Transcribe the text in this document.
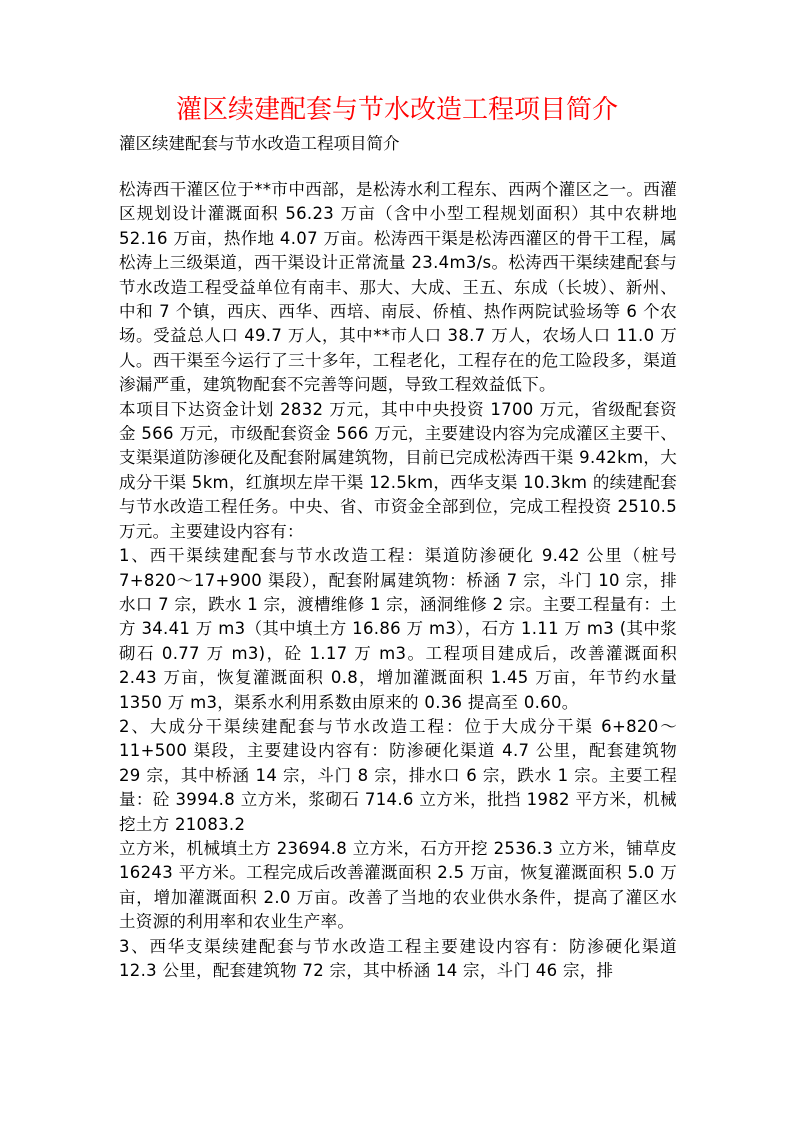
灌区续建配套与节水改造工程项目简介
灌区续建配套与节水改造工程项目简介

松涛西干灌区位于**市中西部，是松涛水利工程东、西两个灌区之一。西灌区规划设计灌溉面积 56.23 万亩（含中小型工程规划面积）其中农耕地 52.16 万亩，热作地 4.07 万亩。松涛西干渠是松涛西灌区的骨干工程，属松涛上三级渠道，西干渠设计正常流量 23.4m3/s。松涛西干渠续建配套与节水改造工程受益单位有南丰、那大、大成、王五、东成（长坡）、新州、中和 7 个镇，西庆、西华、西培、南辰、侨植、热作两院试验场等 6 个农场。受益总人口 49.7 万人，其中**市人口 38.7 万人，农场人口 11.0 万人。西干渠至今运行了三十多年，工程老化，工程存在的危工险段多，渠道渗漏严重，建筑物配套不完善等问题，导致工程效益低下。

本项目下达资金计划 2832 万元，其中中央投资 1700 万元，省级配套资金 566 万元，市级配套资金 566 万元，主要建设内容为完成灌区主要干、支渠渠道防渗硬化及配套附属建筑物，目前已完成松涛西干渠 9.42km，大成分干渠 5km，红旗坝左岸干渠 12.5km，西华支渠 10.3km 的续建配套与节水改造工程任务。中央、省、市资金全部到位，完成工程投资 2510.5 万元。主要建设内容有：

1、西干渠续建配套与节水改造工程：渠道防渗硬化 9.42 公里（桩号 7+820～17+900 渠段），配套附属建筑物：桥涵 7 宗，斗门 10 宗，排水口 7 宗，跌水 1 宗，渡槽维修 1 宗，涵洞维修 2 宗。主要工程量有：土方 34.41 万 m3（其中填土方 16.86 万 m3），石方 1.11 万 m3 (其中浆砌石 0.77 万 m3)，砼 1.17 万 m3。工程项目建成后，改善灌溉面积 2.43 万亩，恢复灌溉面积 0.8，增加灌溉面积 1.45 万亩，年节约水量 1350 万 m3，渠系水利用系数由原来的 0.36 提高至 0.60。

2、大成分干渠续建配套与节水改造工程：位于大成分干渠 6+820～11+500 渠段，主要建设内容有：防渗硬化渠道 4.7 公里，配套建筑物 29 宗，其中桥涵 14 宗，斗门 8 宗，排水口 6 宗，跌水 1 宗。主要工程量：砼 3994.8 立方米，浆砌石 714.6 立方米，批挡 1982 平方米，机械挖土方 21083.2

立方米，机械填土方 23694.8 立方米，石方开挖 2536.3 立方米，铺草皮 16243 平方米。工程完成后改善灌溉面积 2.5 万亩，恢复灌溉面积 5.0 万亩，增加灌溉面积 2.0 万亩。改善了当地的农业供水条件，提高了灌区水土资源的利用率和农业生产率。

3、西华支渠续建配套与节水改造工程主要建设内容有：防渗硬化渠道 12.3 公里，配套建筑物 72 宗，其中桥涵 14 宗，斗门 46 宗，排
